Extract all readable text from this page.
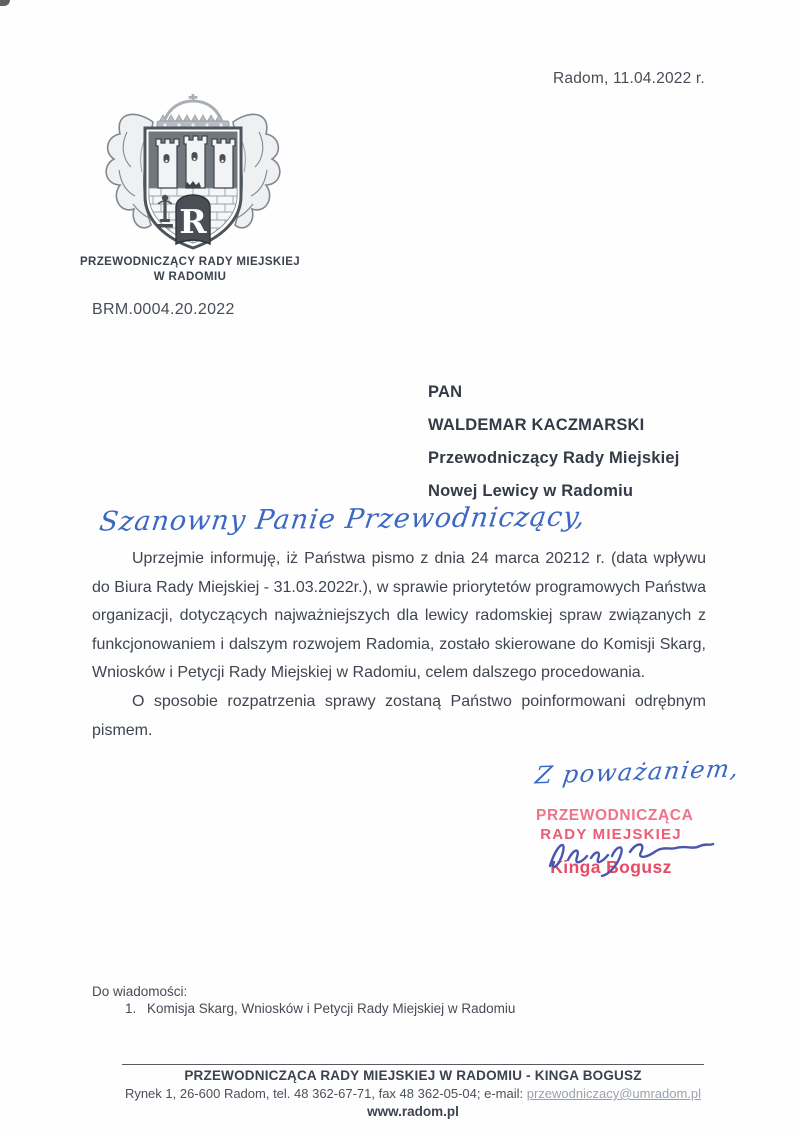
Radom, 11.04.2022 r.
R
PRZEWODNICZĄCY RADY MIEJSKIEJ
W RADOMIU
BRM.0004.20.2022
PAN
WALDEMAR KACZMARSKI
Przewodniczący Rady Miejskiej
Nowej Lewicy w Radomiu
Szanowny Panie Przewodniczący,

Uprzejmie informuję, iż Państwa pismo z dnia 24 marca 20212 r. (data wpływu do Biura Rady Miejskiej - 31.03.2022r.), w sprawie priorytetów programowych Państwa organizacji, dotyczących najważniejszych dla lewicy radomskiej spraw związanych z funkcjonowaniem i dalszym rozwojem Radomia, zostało skierowane do Komisji Skarg, Wniosków i Petycji Rady Miejskiej w Radomiu, celem dalszego procedowania.

O sposobie rozpatrzenia sprawy zostaną Państwo poinformowani odrębnym pismem.

Z poważaniem,
PRZEWODNICZĄCA
RADY MIEJSKIEJ
Kinga Bogusz
Do wiadomości:
1. Komisja Skarg, Wniosków i Petycji Rady Miejskiej w Radomiu
PRZEWODNICZĄCA RADY MIEJSKIEJ W RADOMIU - KINGA BOGUSZ
Rynek 1, 26-600 Radom, tel. 48 362-67-71, fax 48 362-05-04; e-mail: przewodniczacy@umradom.pl
www.radom.pl
